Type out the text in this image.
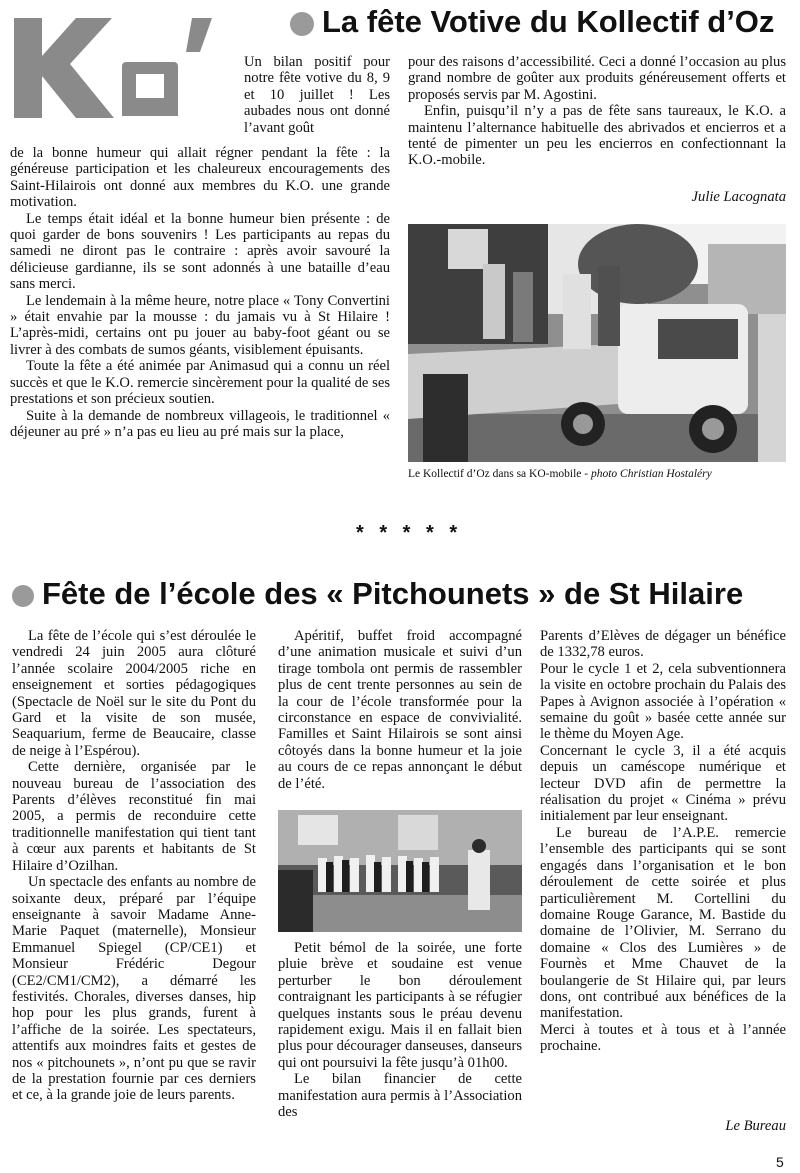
La fête Votive du Kollectif d’Oz

Un bilan positif pour notre fête votive du 8, 9 et 10 juillet ! Les aubades nous ont donné l’avant goût

de la bonne humeur qui allait régner pendant la fête : la généreuse participation et les chaleureux encouragements des Saint-Hilairois ont donné aux membres du K.O. une grande motivation.

Le temps était idéal et la bonne humeur bien présente : de quoi garder de bons souvenirs ! Les participants au repas du samedi ne diront pas le contraire : après avoir savouré la délicieuse gardianne, ils se sont adonnés à une bataille d’eau sans merci.

Le lendemain à la même heure, notre place « Tony Convertini » était envahie par la mousse : du jamais vu à St Hilaire ! L’après-midi, certains ont pu jouer au baby-foot géant ou se livrer à des combats de sumos géants, visiblement épuisants.

Toute la fête a été animée par Animasud qui a connu un réel succès et que le K.O. remercie sincèrement pour la qualité de ses prestations et son précieux soutien.

Suite à la demande de nombreux villageois, le traditionnel « déjeuner au pré » n’a pas eu lieu au pré mais sur la place,

pour des raisons d’accessibilité. Ceci a donné l’occasion au plus grand nombre de goûter aux produits généreusement offerts et proposés servis par M. Agostini.

Enfin, puisqu’il n’y a pas de fête sans taureaux, le K.O. a maintenu l’alternance habituelle des abrivados et encierros et a tenté de pimenter un peu les encierros en confectionnant la K.O.-mobile.

Julie Lacognata
Le Kollectif d’Oz dans sa KO-mobile - photo Christian Hostaléry
* * * * *
Fête de l’école des « Pitchounets » de St Hilaire

La fête de l’école qui s’est déroulée le vendredi 24 juin 2005 aura clôturé l’année scolaire 2004/2005 riche en enseignement et sorties pédagogiques (Spectacle de Noël sur le site du Pont du Gard et la visite de son musée, Seaquarium, ferme de Beaucaire, classe de neige à l’Espérou).

Cette dernière, organisée par le nouveau bureau de l’association des Parents d’élèves reconstitué fin mai 2005, a permis de reconduire cette traditionnelle manifestation qui tient tant à cœur aux parents et habitants de St Hilaire d’Ozilhan.

Un spectacle des enfants au nombre de soixante deux, préparé par l’équipe enseignante à savoir Madame Anne-Marie Paquet (maternelle), Monsieur Emmanuel Spiegel (CP/CE1) et Monsieur Frédéric Degour (CE2/CM1/CM2), a démarré les festivités. Chorales, diverses danses, hip hop pour les plus grands, furent à l’affiche de la soirée. Les spectateurs, attentifs aux moindres faits et gestes de nos « pitchounets », n’ont pu que se ravir de la prestation fournie par ces derniers et ce, à la grande joie de leurs parents.

Apéritif, buffet froid accompagné d’une animation musicale et suivi d’un tirage tombola ont permis de rassembler plus de cent trente personnes au sein de la cour de l’école transformée pour la circonstance en espace de convivialité. Familles et Saint Hilairois se sont ainsi côtoyés dans la bonne humeur et la joie au cours de ce repas annonçant le début de l’été.

Petit bémol de la soirée, une forte pluie brève et soudaine est venue perturber le bon déroulement contraignant les participants à se réfugier quelques instants sous le préau devenu rapidement exigu. Mais il en fallait bien plus pour décourager danseuses, danseurs qui ont poursuivi la fête jusqu’à 01h00.

Le bilan financier de cette manifestation aura permis à l’Association des

Parents d’Elèves de dégager un bénéfice de 1332,78 euros.

Pour le cycle 1 et 2, cela subventionnera la visite en octobre prochain du Palais des Papes à Avignon associée à l’opération « semaine du goût » basée cette année sur le thème du Moyen Age.

Concernant le cycle 3, il a été acquis depuis un caméscope numérique et lecteur DVD afin de permettre la réalisation du projet « Cinéma » prévu initialement par leur enseignant.

Le bureau de l’A.P.E. remercie l’ensemble des participants qui se sont engagés dans l’organisation et le bon déroulement de cette soirée et plus particulièrement M. Cortellini du domaine Rouge Garance, M. Bastide du domaine de l’Olivier, M. Serrano du domaine « Clos des Lumières » de Fournès et Mme Chauvet de la boulangerie de St Hilaire qui, par leurs dons, ont contribué aux bénéfices de la manifestation.

Merci à toutes et à tous et à l’année prochaine.

Le Bureau
5
